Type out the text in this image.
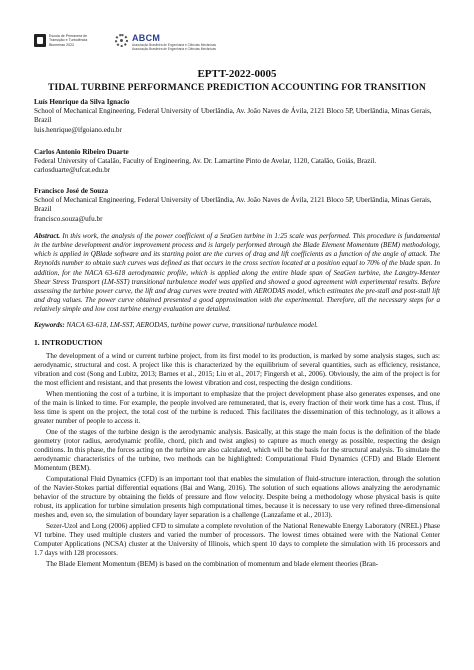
Escola de Primavera de
Transição e Turbulência
Blumenau 2022
ABCM
Associação Brasileira de Engenharia e Ciências Mecânicas
Associação Brasileira de Engenharia e Ciências Mecânicas
EPTT-2022-0005
TIDAL TURBINE PERFORMANCE PREDICTION ACCOUNTING FOR TRANSITION
Luís Henrique da Silva Ignacio
School of Mechanical Engineering, Federal University of Uberlândia, Av. João Naves de Ávila, 2121 Bloco 5P, Uberlândia, Minas Gerais, Brazil
luis.henrique@ifgoiano.edu.br
Carlos Antonio Ribeiro Duarte
Federal University of Catalão, Faculty of Engineering, Av. Dr. Lamartine Pinto de Avelar, 1120, Catalão, Goiás, Brazil.
carlosduarte@ufcat.edu.br
Francisco José de Souza
School of Mechanical Engineering, Federal University of Uberlândia, Av. João Naves de Ávila, 2121 Bloco 5P, Uberlândia, Minas Gerais, Brazil
francisco.souza@ufu.br
Abstract. In this work, the analysis of the power coefficient of a SeaGen turbine in 1:25 scale was performed. This procedure is fundamental in the turbine development and/or improvement process and is largely performed through the Blade Element Momentum (BEM) methodology, which is applied in QBlade software and its starting point are the curves of drag and lift coefficients as a function of the angle of attack. The Reynolds number to obtain such curves was defined as that occurs in the cross section located at a position equal to 70% of the blade span. In addition, for the NACA 63-618 aerodynamic profile, which is applied along the entire blade span of SeaGen turbine, the Langtry-Menter Shear Stress Transport (LM-SST) transitional turbulence model was applied and showed a good agreement with experimental results. Before assessing the turbine power curve, the lift and drag curves were treated with AERODAS model, which estimates the pre-stall and post-stall lift and drag values. The power curve obtained presented a good approximation with the experimental. Therefore, all the necessary steps for a relatively simple and low cost turbine energy evaluation are detailed.
Keywords: NACA 63-618, LM-SST, AERODAS, turbine power curve, transitional turbulence model.
1. INTRODUCTION

The development of a wind or current turbine project, from its first model to its production, is marked by some analysis stages, such as: aerodynamic, structural and cost. A project like this is characterized by the equilibrium of several quantities, such as efficiency, resistance, vibration and cost (Song and Lubitz, 2013; Barnes et al., 2015; Liu et al., 2017; Fingersh et al., 2006). Obviously, the aim of the project is for the most efficient and resistant, and that presents the lowest vibration and cost, respecting the design conditions.

When mentioning the cost of a turbine, it is important to emphasize that the project development phase also generates expenses, and one of the main is linked to time. For example, the people involved are remunerated, that is, every fraction of their work time has a cost. Thus, if less time is spent on the project, the total cost of the turbine is reduced. This facilitates the dissemination of this technology, as it allows a greater number of people to access it.

One of the stages of the turbine design is the aerodynamic analysis. Basically, at this stage the main focus is the definition of the blade geometry (rotor radius, aerodynamic profile, chord, pitch and twist angles) to capture as much energy as possible, respecting the design conditions. In this phase, the forces acting on the turbine are also calculated, which will be the basis for the structural analysis. To simulate the aerodynamic characteristics of the turbine, two methods can be highlighted: Computational Fluid Dynamics (CFD) and Blade Element Momentum (BEM).

Computational Fluid Dynamics (CFD) is an important tool that enables the simulation of fluid-structure interaction, through the solution of the Navier-Stokes partial differential equations (Bai and Wang, 2016). The solution of such equations allows analyzing the aerodynamic behavior of the structure by obtaining the fields of pressure and flow velocity. Despite being a methodology whose physical basis is quite robust, its application for turbine simulation presents high computational times, because it is necessary to use very refined three-dimensional meshes and, even so, the simulation of boundary layer separation is a challenge (Lanzafame et al., 2013).

Sezer-Uzol and Long (2006) applied CFD to simulate a complete revolution of the National Renewable Energy Laboratory (NREL) Phase VI turbine. They used multiple clusters and varied the number of processors. The lowest times obtained were with the National Center Computer Applications (NCSA) cluster at the University of Illinois, which spent 10 days to complete the simulation with 16 processors and 1.7 days with 128 processors.

The Blade Element Momentum (BEM) is based on the combination of momentum and blade element theories (Bran-
